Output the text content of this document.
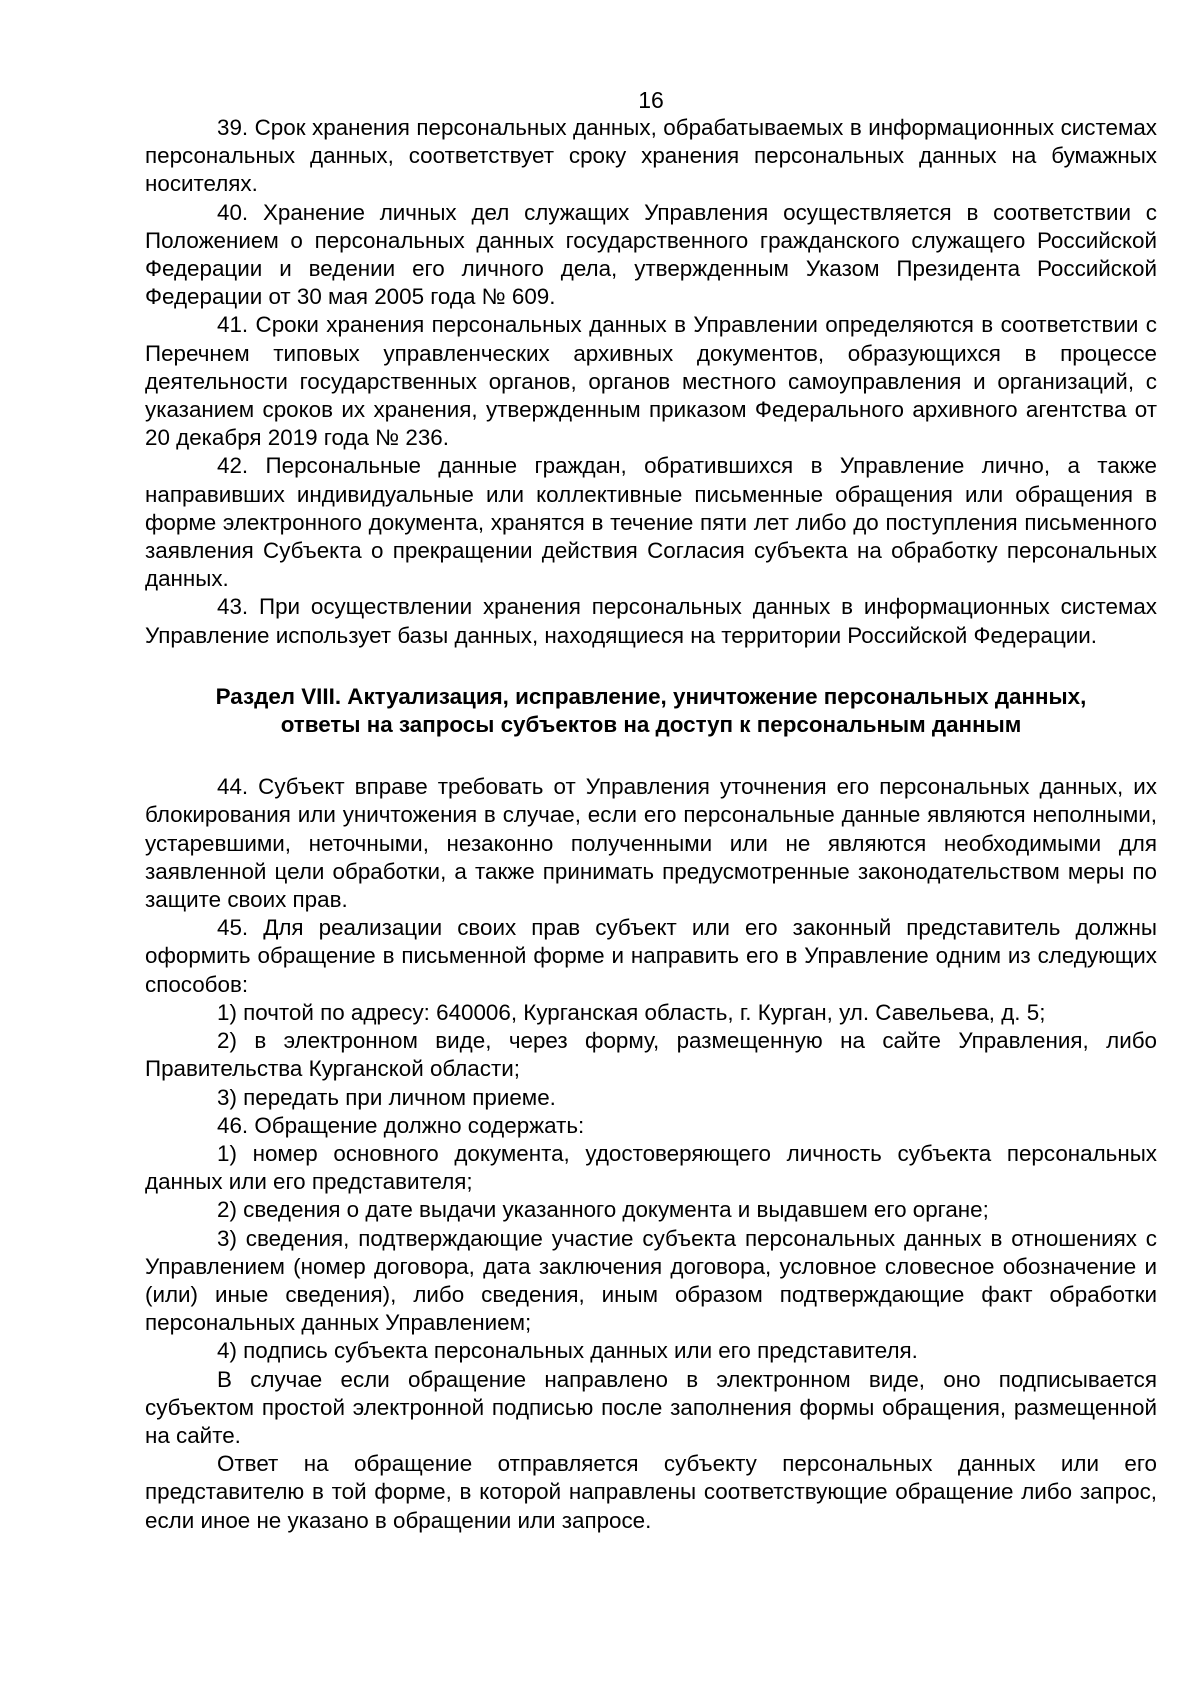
16

39. Срок хранения персональных данных, обрабатываемых в информационных системах персональных данных, соответствует сроку хранения персональных данных на бумажных носителях.

40. Хранение личных дел служащих Управления осуществляется в соответствии с Положением о персональных данных государственного гражданского служащего Российской Федерации и ведении его личного дела, утвержденным Указом Президента Российской Федерации от 30 мая 2005 года № 609.

41. Сроки хранения персональных данных в Управлении определяются в соответствии с Перечнем типовых управленческих архивных документов, образующихся в процессе деятельности государственных органов, органов местного самоуправления и организаций, с указанием сроков их хранения, утвержденным приказом Федерального архивного агентства от 20 декабря 2019 года № 236.

42. Персональные данные граждан, обратившихся в Управление лично, а также направивших индивидуальные или коллективные письменные обращения или обращения в форме электронного документа, хранятся в течение пяти лет либо до поступления письменного заявления Субъекта о прекращении действия Согласия субъекта на обработку персональных данных.

43. При осуществлении хранения персональных данных в информационных системах Управление использует базы данных, находящиеся на территории Российской Федерации.

Раздел VIII. Актуализация, исправление, уничтожение персональных данных,
ответы на запросы субъектов на доступ к персональным данным

44. Субъект вправе требовать от Управления уточнения его персональных данных, их блокирования или уничтожения в случае, если его персональные данные являются неполными, устаревшими, неточными, незаконно полученными или не являются необходимыми для заявленной цели обработки, а также принимать предусмотренные законодательством меры по защите своих прав.

45. Для реализации своих прав субъект или его законный представитель должны оформить обращение в письменной форме и направить его в Управление одним из следующих способов:

1) почтой по адресу: 640006, Курганская область, г. Курган, ул. Савельева, д. 5;

2) в электронном виде, через форму, размещенную на сайте Управления, либо Правительства Курганской области;

3) передать при личном приеме.

46. Обращение должно содержать:

1) номер основного документа, удостоверяющего личность субъекта персональных данных или его представителя;

2) сведения о дате выдачи указанного документа и выдавшем его органе;

3) сведения, подтверждающие участие субъекта персональных данных в отношениях с Управлением (номер договора, дата заключения договора, условное словесное обозначение и (или) иные сведения), либо сведения, иным образом подтверждающие факт обработки персональных данных Управлением;

4) подпись субъекта персональных данных или его представителя.

В случае если обращение направлено в электронном виде, оно подписывается субъектом простой электронной подписью после заполнения формы обращения, размещенной на сайте.

Ответ на обращение отправляется субъекту персональных данных или его представителю в той форме, в которой направлены соответствующие обращение либо запрос, если иное не указано в обращении или запросе.
